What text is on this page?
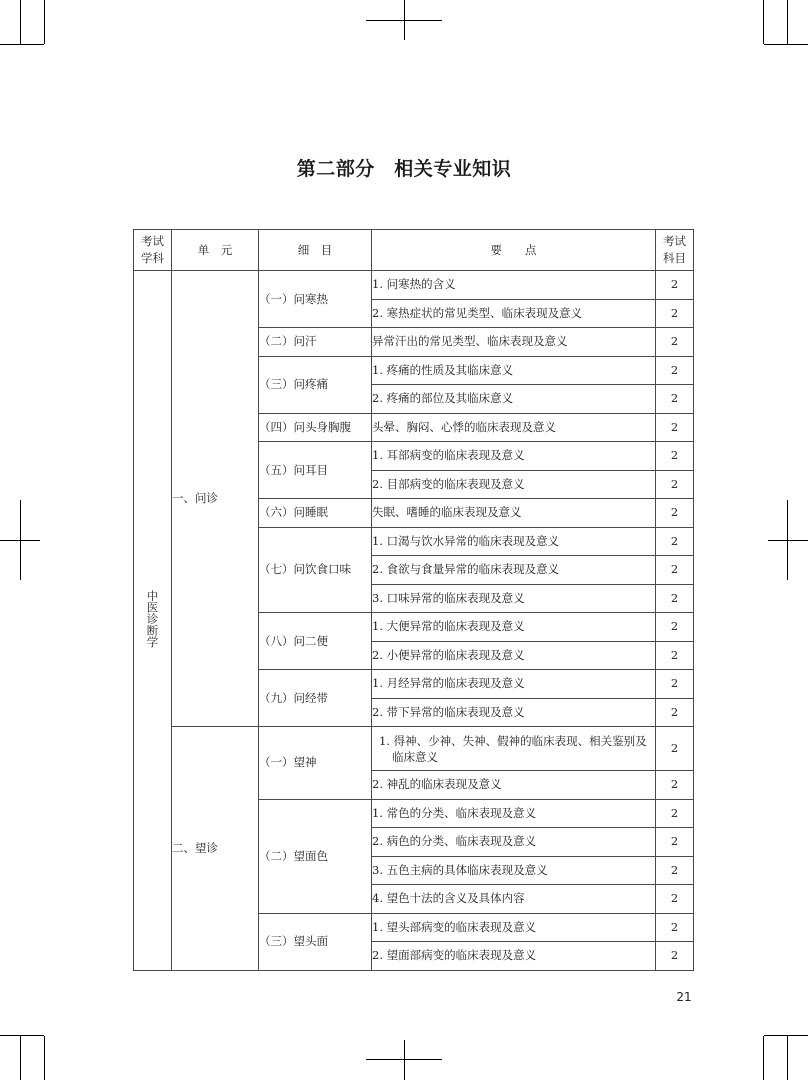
第二部分　相关专业知识
考试
学科	单　元	细　目	要　　点	考试
科目
中医诊断学	一、问诊	（一）问寒热	1. 问寒热的含义	2
			2. 寒热症状的常见类型、临床表现及意义	2
		（二）问汗	异常汗出的常见类型、临床表现及意义	2
		（三）问疼痛	1. 疼痛的性质及其临床意义	2
			2. 疼痛的部位及其临床意义	2
		（四）问头身胸腹	头晕、胸闷、心悸的临床表现及意义	2
		（五）问耳目	1. 耳部病变的临床表现及意义	2
			2. 目部病变的临床表现及意义	2
		（六）问睡眠	失眠、嗜睡的临床表现及意义	2
		（七）问饮食口味	1. 口渴与饮水异常的临床表现及意义	2
			2. 食欲与食量异常的临床表现及意义	2
			3. 口味异常的临床表现及意义	2
		（八）问二便	1. 大便异常的临床表现及意义	2
			2. 小便异常的临床表现及意义	2
		（九）问经带	1. 月经异常的临床表现及意义	2
			2. 带下异常的临床表现及意义	2
	二、望诊	（一）望神	1. 得神、少神、失神、假神的临床表现、相关鉴别及临床意义	2
			2. 神乱的临床表现及意义	2
		（二）望面色	1. 常色的分类、临床表现及意义	2
			2. 病色的分类、临床表现及意义	2
			3. 五色主病的具体临床表现及意义	2
			4. 望色十法的含义及具体内容	2
		（三）望头面	1. 望头部病变的临床表现及意义	2
			2. 望面部病变的临床表现及意义	2
21
